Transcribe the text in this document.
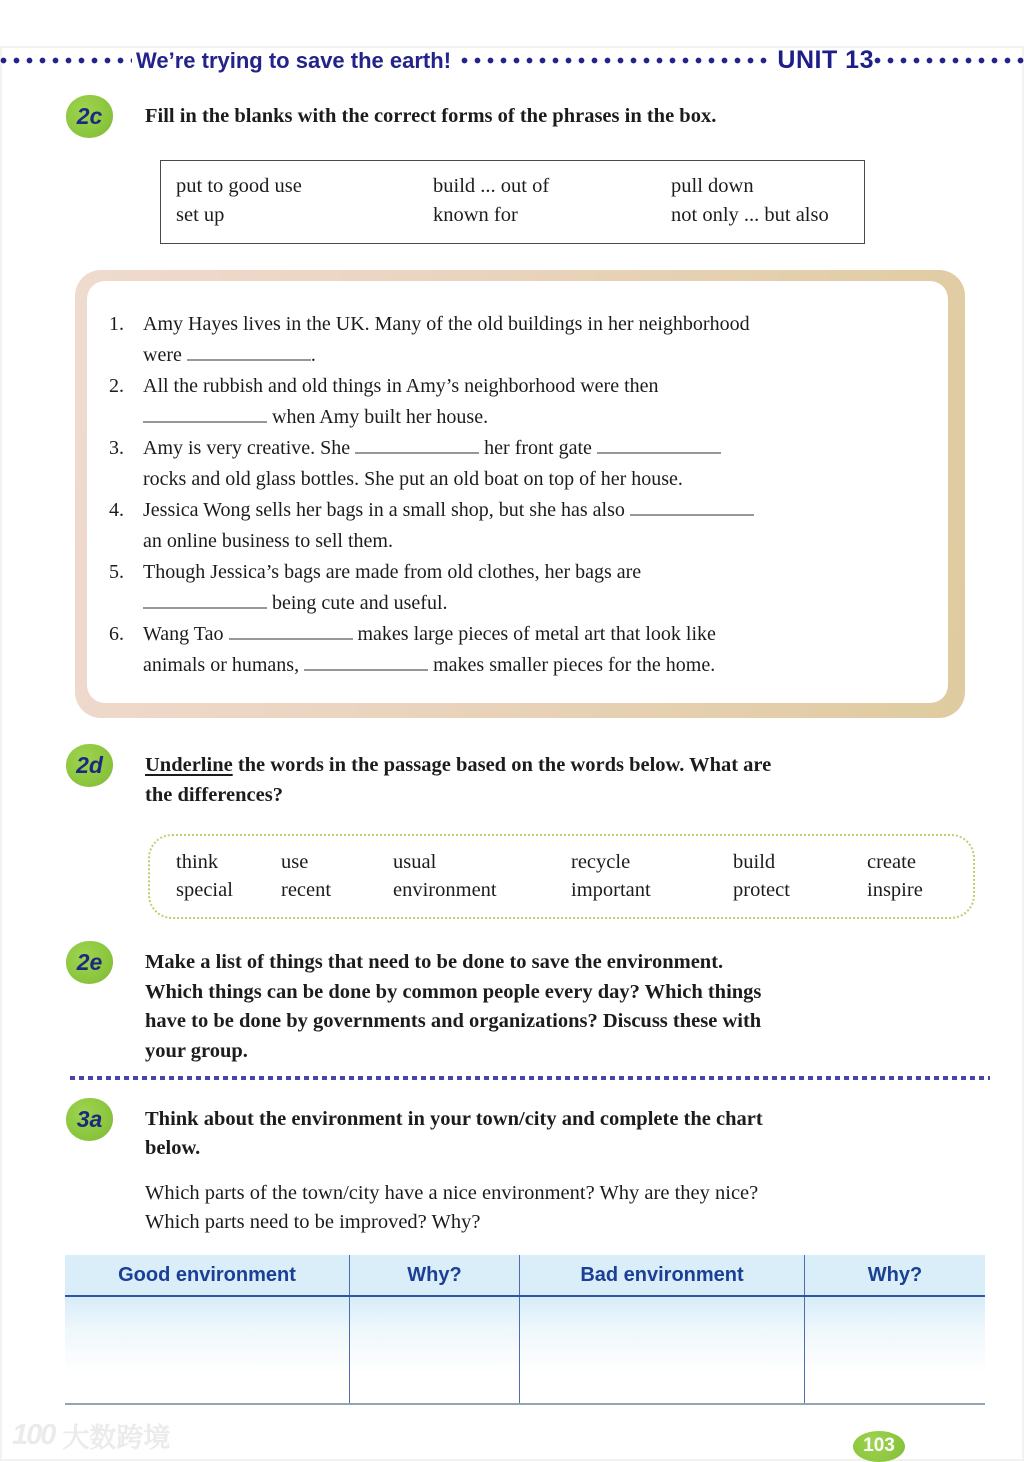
We’re trying to save the earth!	UNIT 13
2c	Fill in the blanks with the correct forms of the phrases in the box.
put to good use	build ... out of	pull down
set up	known for	not only ... but also
1. Amy Hayes lives in the UK. Many of the old buildings in her neighborhood
were	.
2. All the rubbish and old things in Amy’s neighborhood were then
when Amy built her house.
3. Amy is very creative. She	her front gate
rocks and old glass bottles. She put an old boat on top of her house.
4. Jessica Wong sells her bags in a small shop, but she has also
an online business to sell them.
5. Though Jessica’s bags are made from old clothes, her bags are
being cute and useful.
6. Wang Tao	makes large pieces of metal art that look like
animals or humans,	makes smaller pieces for the home.
2d	Underline the words in the passage based on the words below. What are
the differences?
think	use	usual	recycle	build	create
special	recent	environment	important	protect	inspire
2e	Make a list of things that need to be done to save the environment.
Which things can be done by common people every day? Which things
have to be done by governments and organizations? Discuss these with
your group.
3a	Think about the environment in your town/city and complete the chart
below.
Which parts of the town/city have a nice environment? Why are they nice?
Which parts need to be improved? Why?
Good environment	Why?	Bad environment	Why?
103
100 大数跨境
